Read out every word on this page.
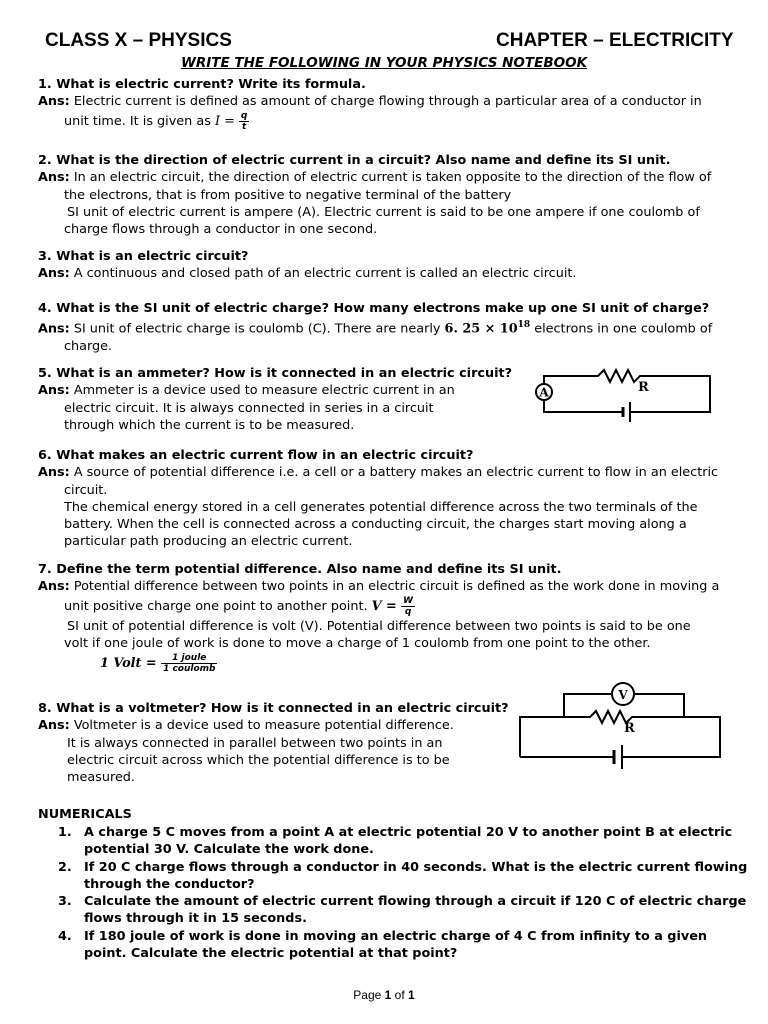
CLASS X – PHYSICS	CHAPTER – ELECTRICITY
WRITE THE FOLLOWING IN YOUR PHYSICS NOTEBOOK
1. What is electric current? Write its formula.
Ans: Electric current is defined as amount of charge flowing through a particular area of a conductor in
unit time. It is given as $I = \frac{q}{t}$
2. What is the direction of electric current in a circuit? Also name and define its SI unit.
Ans: In an electric circuit, the direction of electric current is taken opposite to the direction of the flow of
the electrons, that is from positive to negative terminal of the battery
SI unit of electric current is ampere (A). Electric current is said to be one ampere if one coulomb of
charge flows through a conductor in one second.
3. What is an electric circuit?
Ans: A continuous and closed path of an electric current is called an electric circuit.
4. What is the SI unit of electric charge? How many electrons make up one SI unit of charge?
Ans: SI unit of electric charge is coulomb (C). There are nearly 6. $25 \times 10^{18}$ electrons in one coulomb of
charge.
5. What is an ammeter? How is it connected in an electric circuit?
Ans: Ammeter is a device used to measure electric current in an
electric circuit. It is always connected in series in a circuit
through which the current is to be measured.
A	R
6. What makes an electric current flow in an electric circuit?
Ans: A source of potential difference i.e. a cell or a battery makes an electric current to flow in an electric
circuit.
The chemical energy stored in a cell generates potential difference across the two terminals of the
battery. When the cell is connected across a conducting circuit, the charges start moving along a
particular path producing an electric current.
7. Define the term potential difference. Also name and define its SI unit.
Ans: Potential difference between two points in an electric circuit is defined as the work done in moving a
unit positive charge one point to another point. $V = \frac{W}{q}$
SI unit of potential difference is volt (V). Potential difference between two points is said to be one
volt if one joule of work is done to move a charge of 1 coulomb from one point to the other.
1 Volt = $\frac{\text{1 joule}}{\text{1 coulomb}}$
8. What is a voltmeter? How is it connected in an electric circuit?
Ans: Voltmeter is a device used to measure potential difference.
It is always connected in parallel between two points in an
electric circuit across which the potential difference is to be
measured.
V
R
NUMERICALS
1. A charge 5 C moves from a point A at electric potential 20 V to another point B at electric
potential 30 V. Calculate the work done.
2. If 20 C charge flows through a conductor in 40 seconds. What is the electric current flowing
through the conductor?
3. Calculate the amount of electric current flowing through a circuit if 120 C of electric charge
flows through it in 15 seconds.
4. If 180 joule of work is done in moving an electric charge of 4 C from infinity to a given
point. Calculate the electric potential at that point?
Page 1 of 1
